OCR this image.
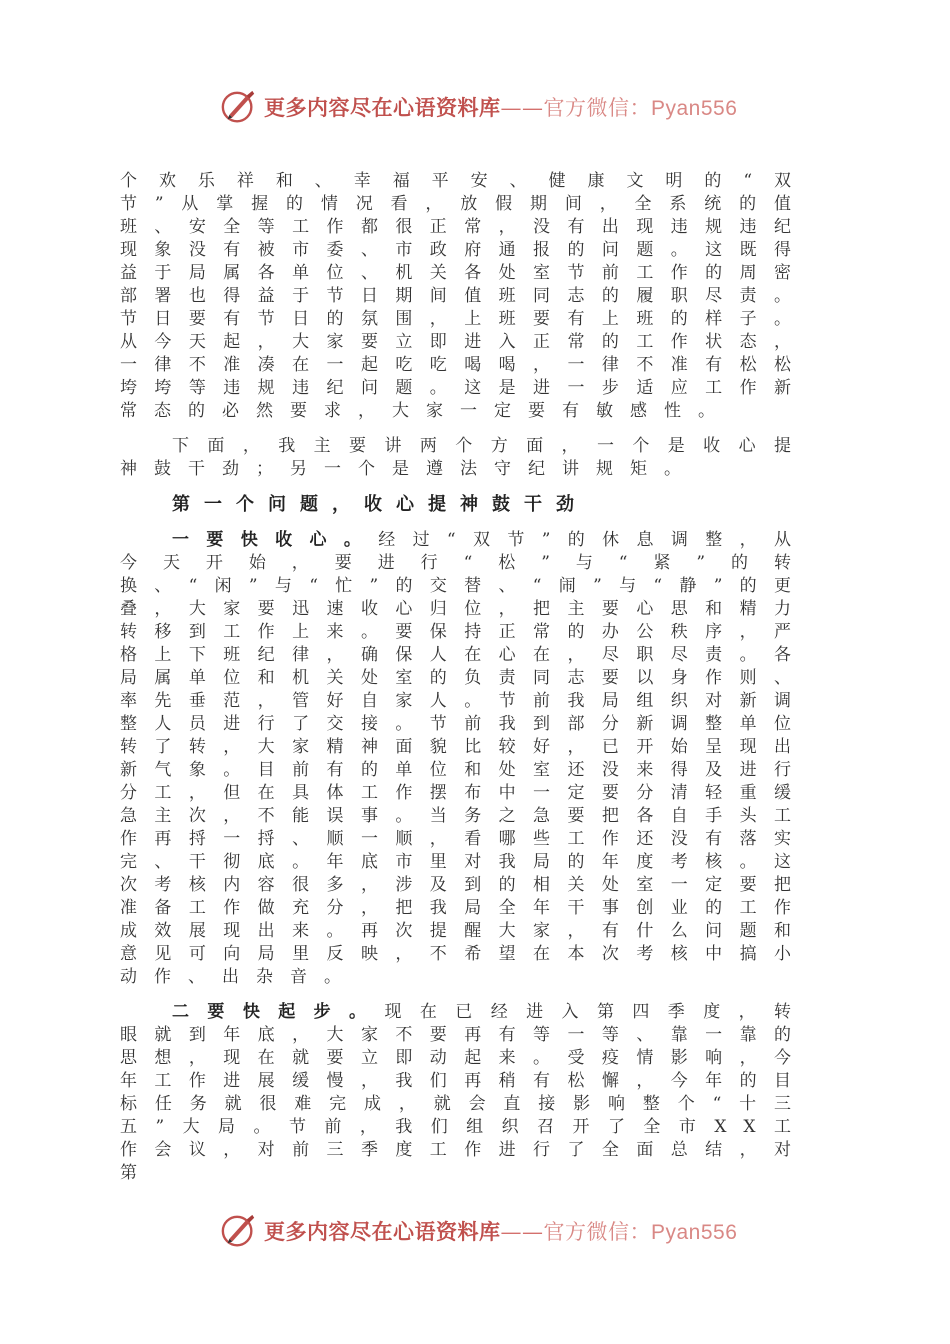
更多内容尽在心语资料库——官方微信：Pyan556

个欢乐祥和、幸福平安、健康文明的“双节”从掌握的情况看，放假期间，全系统的值班、安全等工作都很正常，没有出现违规违纪现象没有被市委、市政府通报的问题。这既得益于局属各单位、机关各处室节前工作的周密部署也得益于节日期间值班同志的履职尽责。节日要有节日的氛围，上班要有上班的样子。从今天起，大家要立即进入正常的工作状态，一律不准凑在一起吃吃喝喝，一律不准有松松垮垮等违规违纪问题。这是进一步适应工作新常态的必然要求，大家一定要有敏感性。

下面，我主要讲两个方面，一个是收心提神鼓干劲；另一个是遵法守纪讲规矩。

第一个问题，收心提神鼓干劲

一要快收心。经过“双节”的休息调整，从今天开始，要进行“松”与“紧”的转换、“闲”与“忙”的交替、“闹”与“静”的更叠，大家要迅速收心归位，把主要心思和精力转移到工作上来。要保持正常的办公秩序，严格上下班纪律，确保人在心在，尽职尽责。各局属单位和机关处室的负责同志要以身作则、率先垂范，管好自家人。节前我局组织对新调整人员进行了交接。节前我到部分新调整单位转了转，大家精神面貌比较好，已开始呈现出新气象。目前有的单位和处室还没来得及进行分工，但在具体工作摆布中一定要分清轻重缓急主次，不能误事。当务之急要把各自手头工作再捋一捋、顺一顺，看哪些工作还没有落实完、干彻底。年底市里对我局的年度考核。这次考核内容很多，涉及到的相关处室一定要把准备工作做充分，把我局全年干事创业的工作成效展现出来。再次提醒大家，有什么问题和意见可向局里反映，不希望在本次考核中搞小动作、出杂音。

二要快起步。现在已经进入第四季度，转眼就到年底，大家不要再有等一等、靠一靠的思想，现在就要立即动起来。受疫情影响，今年工作进展缓慢，我们再稍有松懈，今年的目标任务就很难完成，就会直接影响整个“十三五”大局。节前，我们组织召开了全市XX工作会议，对前三季度工作进行了全面总结，对第

更多内容尽在心语资料库——官方微信：Pyan556
